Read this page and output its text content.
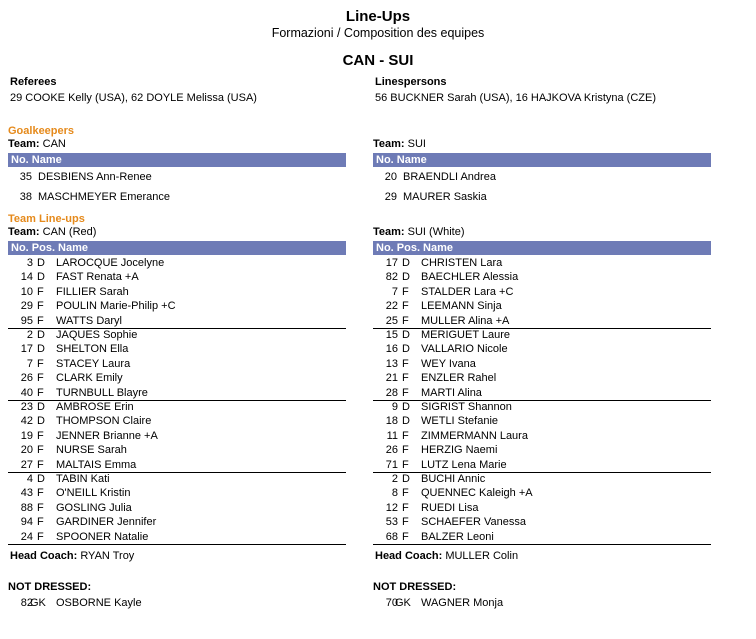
Line-Ups
Formazioni / Composition des equipes
CAN - SUI
Referees
29 COOKE Kelly (USA), 62 DOYLE Melissa (USA)
Linespersons
56 BUCKNER Sarah (USA), 16 HAJKOVA Kristyna (CZE)
Goalkeepers
Team: CAN
No. Name
35 DESBIENS Ann-Renee
38 MASCHMEYER Emerance
Team: SUI
No. Name
20 BRAENDLI Andrea
29 MAURER Saskia
Team Line-ups
Team: CAN (Red)
No. Pos. Name
3 D LAROCQUE Jocelyne
14 D FAST Renata +A
10 F FILLIER Sarah
29 F POULIN Marie-Philip +C
95 F WATTS Daryl
2 D JAQUES Sophie
17 D SHELTON Ella
7 F STACEY Laura
26 F CLARK Emily
40 F TURNBULL Blayre
23 D AMBROSE Erin
42 D THOMPSON Claire
19 F JENNER Brianne +A
20 F NURSE Sarah
27 F MALTAIS Emma
4 D TABIN Kati
43 F O'NEILL Kristin
88 F GOSLING Julia
94 F GARDINER Jennifer
24 F SPOONER Natalie
Team: SUI (White)
No. Pos. Name
17 D CHRISTEN Lara
82 D BAECHLER Alessia
7 F STALDER Lara +C
22 F LEEMANN Sinja
25 F MULLER Alina +A
15 D MERIGUET Laure
16 D VALLARIO Nicole
13 F WEY Ivana
21 F ENZLER Rahel
28 F MARTI Alina
9 D SIGRIST Shannon
18 D WETLI Stefanie
11 F ZIMMERMANN Laura
26 F HERZIG Naemi
71 F LUTZ Lena Marie
2 D BUCHI Annic
8 F QUENNEC Kaleigh +A
12 F RUEDI Lisa
53 F SCHAEFER Vanessa
68 F BALZER Leoni
Head Coach: RYAN Troy	Head Coach: MULLER Colin
NOT DRESSED:
82
GK OSBORNE Kayle
NOT DRESSED:
70
GK WAGNER Monja
